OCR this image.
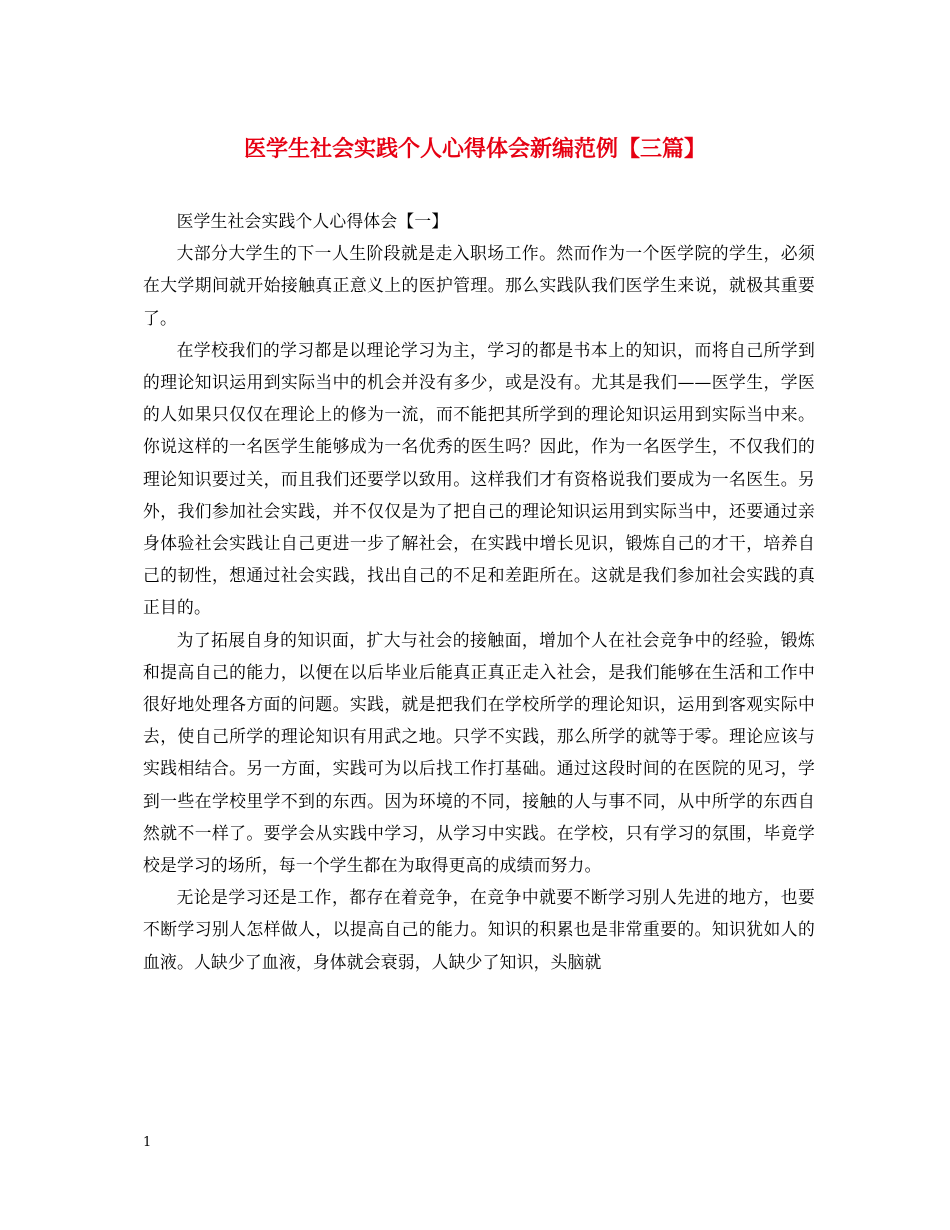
医学生社会实践个人心得体会新编范例【三篇】

医学生社会实践个人心得体会【一】

大部分大学生的下一人生阶段就是走入职场工作。然而作为一个医学院的学生，必须在大学期间就开始接触真正意义上的医护管理。那么实践队我们医学生来说，就极其重要了。

在学校我们的学习都是以理论学习为主，学习的都是书本上的知识，而将自己所学到的理论知识运用到实际当中的机会并没有多少，或是没有。尤其是我们——医学生，学医的人如果只仅仅在理论上的修为一流，而不能把其所学到的理论知识运用到实际当中来。你说这样的一名医学生能够成为一名优秀的医生吗？因此，作为一名医学生，不仅我们的理论知识要过关，而且我们还要学以致用。这样我们才有资格说我们要成为一名医生。另外，我们参加社会实践，并不仅仅是为了把自己的理论知识运用到实际当中，还要通过亲身体验社会实践让自己更进一步了解社会，在实践中增长见识，锻炼自己的才干，培养自己的韧性，想通过社会实践，找出自己的不足和差距所在。这就是我们参加社会实践的真正目的。

为了拓展自身的知识面，扩大与社会的接触面，增加个人在社会竞争中的经验，锻炼和提高自己的能力，以便在以后毕业后能真正真正走入社会，是我们能够在生活和工作中很好地处理各方面的问题。实践，就是把我们在学校所学的理论知识，运用到客观实际中去，使自己所学的理论知识有用武之地。只学不实践，那么所学的就等于零。理论应该与实践相结合。另一方面，实践可为以后找工作打基础。通过这段时间的在医院的见习，学到一些在学校里学不到的东西。因为环境的不同，接触的人与事不同，从中所学的东西自然就不一样了。要学会从实践中学习，从学习中实践。在学校，只有学习的氛围，毕竟学校是学习的场所，每一个学生都在为取得更高的成绩而努力。

无论是学习还是工作，都存在着竞争，在竞争中就要不断学习别人先进的地方，也要不断学习别人怎样做人，以提高自己的能力。知识的积累也是非常重要的。知识犹如人的血液。人缺少了血液，身体就会衰弱，人缺少了知识，头脑就

1
